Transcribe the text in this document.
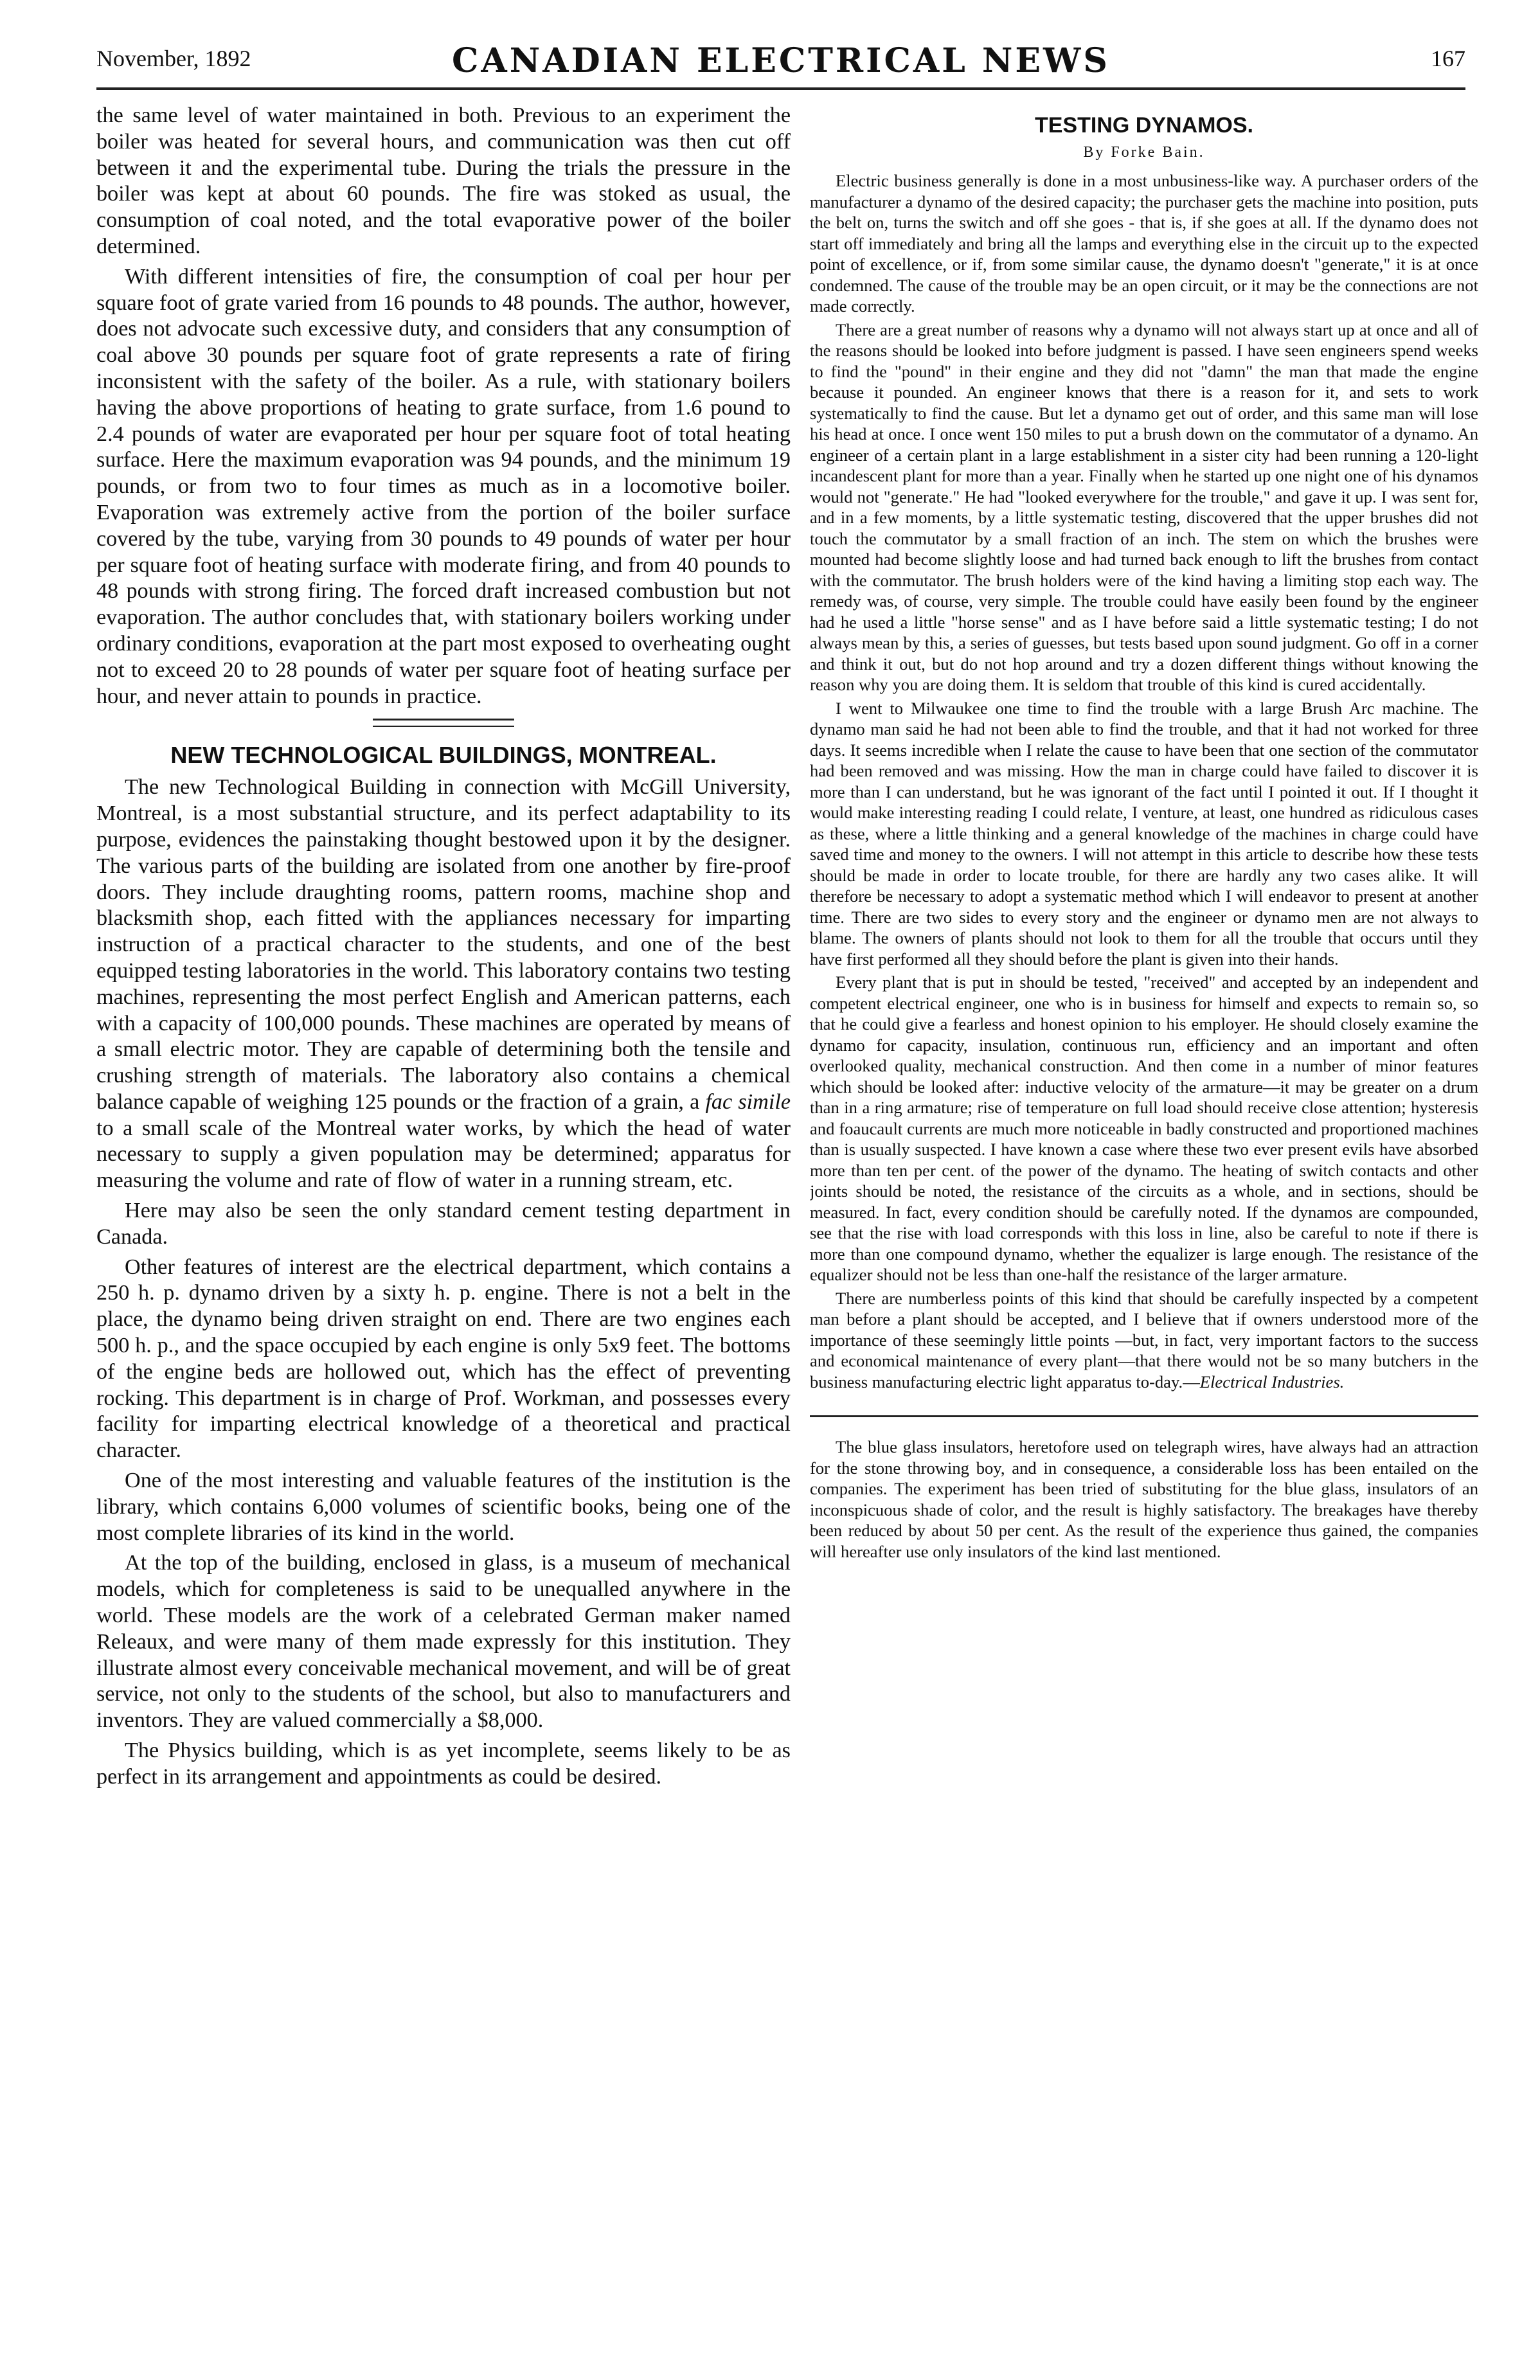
November, 1892	CANADIAN ELECTRICAL NEWS	167

the same level of water maintained in both. Previous to an experiment the boiler was heated for several hours, and communication was then cut off between it and the experimental tube. During the trials the pressure in the boiler was kept at about 60 pounds. The fire was stoked as usual, the consumption of coal noted, and the total evaporative power of the boiler determined.

With different intensities of fire, the consumption of coal per hour per square foot of grate varied from 16 pounds to 48 pounds. The author, however, does not advocate such excessive duty, and considers that any consumption of coal above 30 pounds per square foot of grate represents a rate of firing inconsistent with the safety of the boiler. As a rule, with stationary boilers having the above proportions of heating to grate surface, from 1.6 pound to 2.4 pounds of water are evaporated per hour per square foot of total heating surface. Here the maximum evaporation was 94 pounds, and the minimum 19 pounds, or from two to four times as much as in a locomotive boiler. Evaporation was extremely active from the portion of the boiler surface covered by the tube, varying from 30 pounds to 49 pounds of water per hour per square foot of heating surface with moderate firing, and from 40 pounds to 48 pounds with strong firing. The forced draft increased combustion but not evaporation. The author concludes that, with stationary boilers working under ordinary conditions, evaporation at the part most exposed to overheating ought not to exceed 20 to 28 pounds of water per square foot of heating surface per hour, and never attain to pounds in practice.

NEW TECHNOLOGICAL BUILDINGS, MONTREAL.

The new Technological Building in connection with McGill University, Montreal, is a most substantial structure, and its perfect adaptability to its purpose, evidences the painstaking thought bestowed upon it by the designer. The various parts of the building are isolated from one another by fire-proof doors. They include draughting rooms, pattern rooms, machine shop and blacksmith shop, each fitted with the appliances necessary for imparting instruction of a practical character to the students, and one of the best equipped testing laboratories in the world. This laboratory contains two testing machines, representing the most perfect English and American patterns, each with a capacity of 100,000 pounds. These machines are operated by means of a small electric motor. They are capable of determining both the tensile and crushing strength of materials. The laboratory also contains a chemical balance capable of weighing 125 pounds or the fraction of a grain, a fac simile to a small scale of the Montreal water works, by which the head of water necessary to supply a given population may be determined; apparatus for measuring the volume and rate of flow of water in a running stream, etc.

Here may also be seen the only standard cement testing department in Canada.

Other features of interest are the electrical department, which contains a 250 h. p. dynamo driven by a sixty h. p. engine. There is not a belt in the place, the dynamo being driven straight on end. There are two engines each 500 h. p., and the space occupied by each engine is only 5x9 feet. The bottoms of the engine beds are hollowed out, which has the effect of preventing rocking. This department is in charge of Prof. Workman, and possesses every facility for imparting electrical knowledge of a theoretical and practical character.

One of the most interesting and valuable features of the institution is the library, which contains 6,000 volumes of scientific books, being one of the most complete libraries of its kind in the world.

At the top of the building, enclosed in glass, is a museum of mechanical models, which for completeness is said to be unequalled anywhere in the world. These models are the work of a celebrated German maker named Releaux, and were many of them made expressly for this institution. They illustrate almost every conceivable mechanical movement, and will be of great service, not only to the students of the school, but also to manufacturers and inventors. They are valued commercially a $8,000.

The Physics building, which is as yet incomplete, seems likely to be as perfect in its arrangement and appointments as could be desired.

TESTING DYNAMOS.
By Forke Bain.

Electric business generally is done in a most unbusiness-like way. A purchaser orders of the manufacturer a dynamo of the desired capacity; the purchaser gets the machine into position, puts the belt on, turns the switch and off she goes - that is, if she goes at all. If the dynamo does not start off immediately and bring all the lamps and everything else in the circuit up to the expected point of excellence, or if, from some similar cause, the dynamo doesn't "generate," it is at once condemned. The cause of the trouble may be an open circuit, or it may be the connections are not made correctly.

There are a great number of reasons why a dynamo will not always start up at once and all of the reasons should be looked into before judgment is passed. I have seen engineers spend weeks to find the "pound" in their engine and they did not "damn" the man that made the engine because it pounded. An engineer knows that there is a reason for it, and sets to work systematically to find the cause. But let a dynamo get out of order, and this same man will lose his head at once. I once went 150 miles to put a brush down on the commutator of a dynamo. An engineer of a certain plant in a large establishment in a sister city had been running a 120-light incandescent plant for more than a year. Finally when he started up one night one of his dynamos would not "generate." He had "looked everywhere for the trouble," and gave it up. I was sent for, and in a few moments, by a little systematic testing, discovered that the upper brushes did not touch the commutator by a small fraction of an inch. The stem on which the brushes were mounted had become slightly loose and had turned back enough to lift the brushes from contact with the commutator. The brush holders were of the kind having a limiting stop each way. The remedy was, of course, very simple. The trouble could have easily been found by the engineer had he used a little "horse sense" and as I have before said a little systematic testing; I do not always mean by this, a series of guesses, but tests based upon sound judgment. Go off in a corner and think it out, but do not hop around and try a dozen different things without knowing the reason why you are doing them. It is seldom that trouble of this kind is cured accidentally.

I went to Milwaukee one time to find the trouble with a large Brush Arc machine. The dynamo man said he had not been able to find the trouble, and that it had not worked for three days. It seems incredible when I relate the cause to have been that one section of the commutator had been removed and was missing. How the man in charge could have failed to discover it is more than I can understand, but he was ignorant of the fact until I pointed it out. If I thought it would make interesting reading I could relate, I venture, at least, one hundred as ridiculous cases as these, where a little thinking and a general knowledge of the machines in charge could have saved time and money to the owners. I will not attempt in this article to describe how these tests should be made in order to locate trouble, for there are hardly any two cases alike. It will therefore be necessary to adopt a systematic method which I will endeavor to present at another time. There are two sides to every story and the engineer or dynamo men are not always to blame. The owners of plants should not look to them for all the trouble that occurs until they have first performed all they should before the plant is given into their hands.

Every plant that is put in should be tested, "received" and accepted by an independent and competent electrical engineer, one who is in business for himself and expects to remain so, so that he could give a fearless and honest opinion to his employer. He should closely examine the dynamo for capacity, insulation, continuous run, efficiency and an important and often overlooked quality, mechanical construction. And then come in a number of minor features which should be looked after: inductive velocity of the armature—it may be greater on a drum than in a ring armature; rise of temperature on full load should receive close attention; hysteresis and foaucault currents are much more noticeable in badly constructed and proportioned machines than is usually suspected. I have known a case where these two ever present evils have absorbed more than ten per cent. of the power of the dynamo. The heating of switch contacts and other joints should be noted, the resistance of the circuits as a whole, and in sections, should be measured. In fact, every condition should be carefully noted. If the dynamos are compounded, see that the rise with load corresponds with this loss in line, also be careful to note if there is more than one compound dynamo, whether the equalizer is large enough. The resistance of the equalizer should not be less than one-half the resistance of the larger armature.

There are numberless points of this kind that should be carefully inspected by a competent man before a plant should be accepted, and I believe that if owners understood more of the importance of these seemingly little points —but, in fact, very important factors to the success and economical maintenance of every plant—that there would not be so many butchers in the business manufacturing electric light apparatus to-day.—Electrical Industries.

The blue glass insulators, heretofore used on telegraph wires, have always had an attraction for the stone throwing boy, and in consequence, a considerable loss has been entailed on the companies. The experiment has been tried of substituting for the blue glass, insulators of an inconspicuous shade of color, and the result is highly satisfactory. The breakages have thereby been reduced by about 50 per cent. As the result of the experience thus gained, the companies will hereafter use only insulators of the kind last mentioned.
